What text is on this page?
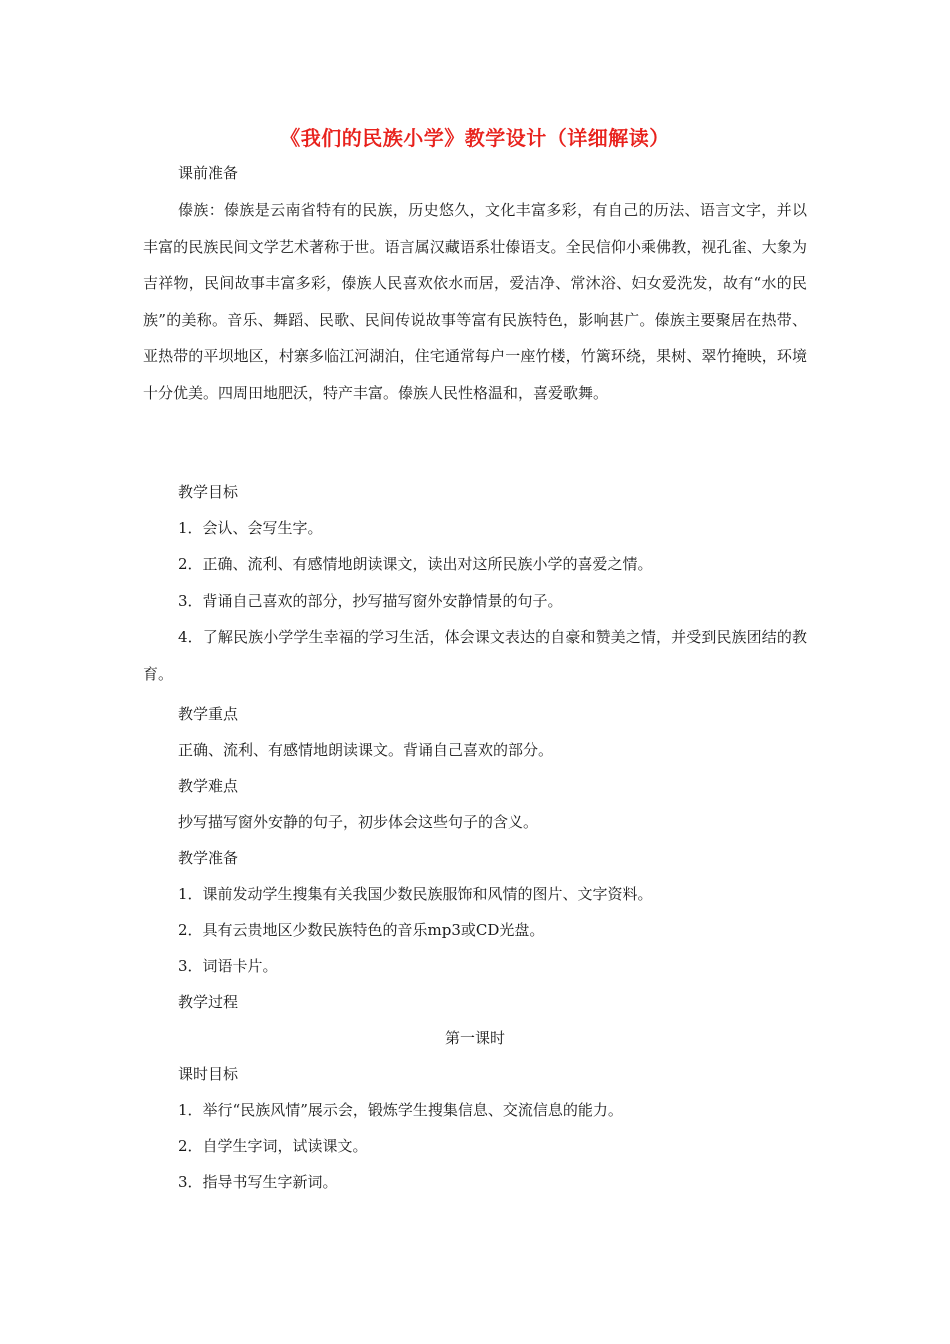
《我们的民族小学》教学设计（详细解读）
课前准备

傣族：傣族是云南省特有的民族，历史悠久，文化丰富多彩，有自己的历法、语言文字，并以丰富的民族民间文学艺术著称于世。语言属汉藏语系壮傣语支。全民信仰小乘佛教，视孔雀、大象为吉祥物，民间故事丰富多彩，傣族人民喜欢依水而居，爱洁净、常沐浴、妇女爱洗发，故有“水的民族”的美称。音乐、舞蹈、民歌、民间传说故事等富有民族特色，影响甚广。傣族主要聚居在热带、亚热带的平坝地区，村寨多临江河湖泊，住宅通常每户一座竹楼，竹篱环绕，果树、翠竹掩映，环境十分优美。四周田地肥沃，特产丰富。傣族人民性格温和，喜爱歌舞。

教学目标
1．会认、会写生字。
2．正确、流利、有感情地朗读课文，读出对这所民族小学的喜爱之情。
3．背诵自己喜欢的部分，抄写描写窗外安静情景的句子。

4．了解民族小学学生幸福的学习生活，体会课文表达的自豪和赞美之情，并受到民族团结的教育。

教学重点
正确、流利、有感情地朗读课文。背诵自己喜欢的部分。
教学难点
抄写描写窗外安静的句子，初步体会这些句子的含义。
教学准备
1．课前发动学生搜集有关我国少数民族服饰和风情的图片、文字资料。
2．具有云贵地区少数民族特色的音乐mp3或CD光盘。
3．词语卡片。
教学过程
第一课时
课时目标
1．举行“民族风情”展示会，锻炼学生搜集信息、交流信息的能力。
2．自学生字词，试读课文。
3．指导书写生字新词。
